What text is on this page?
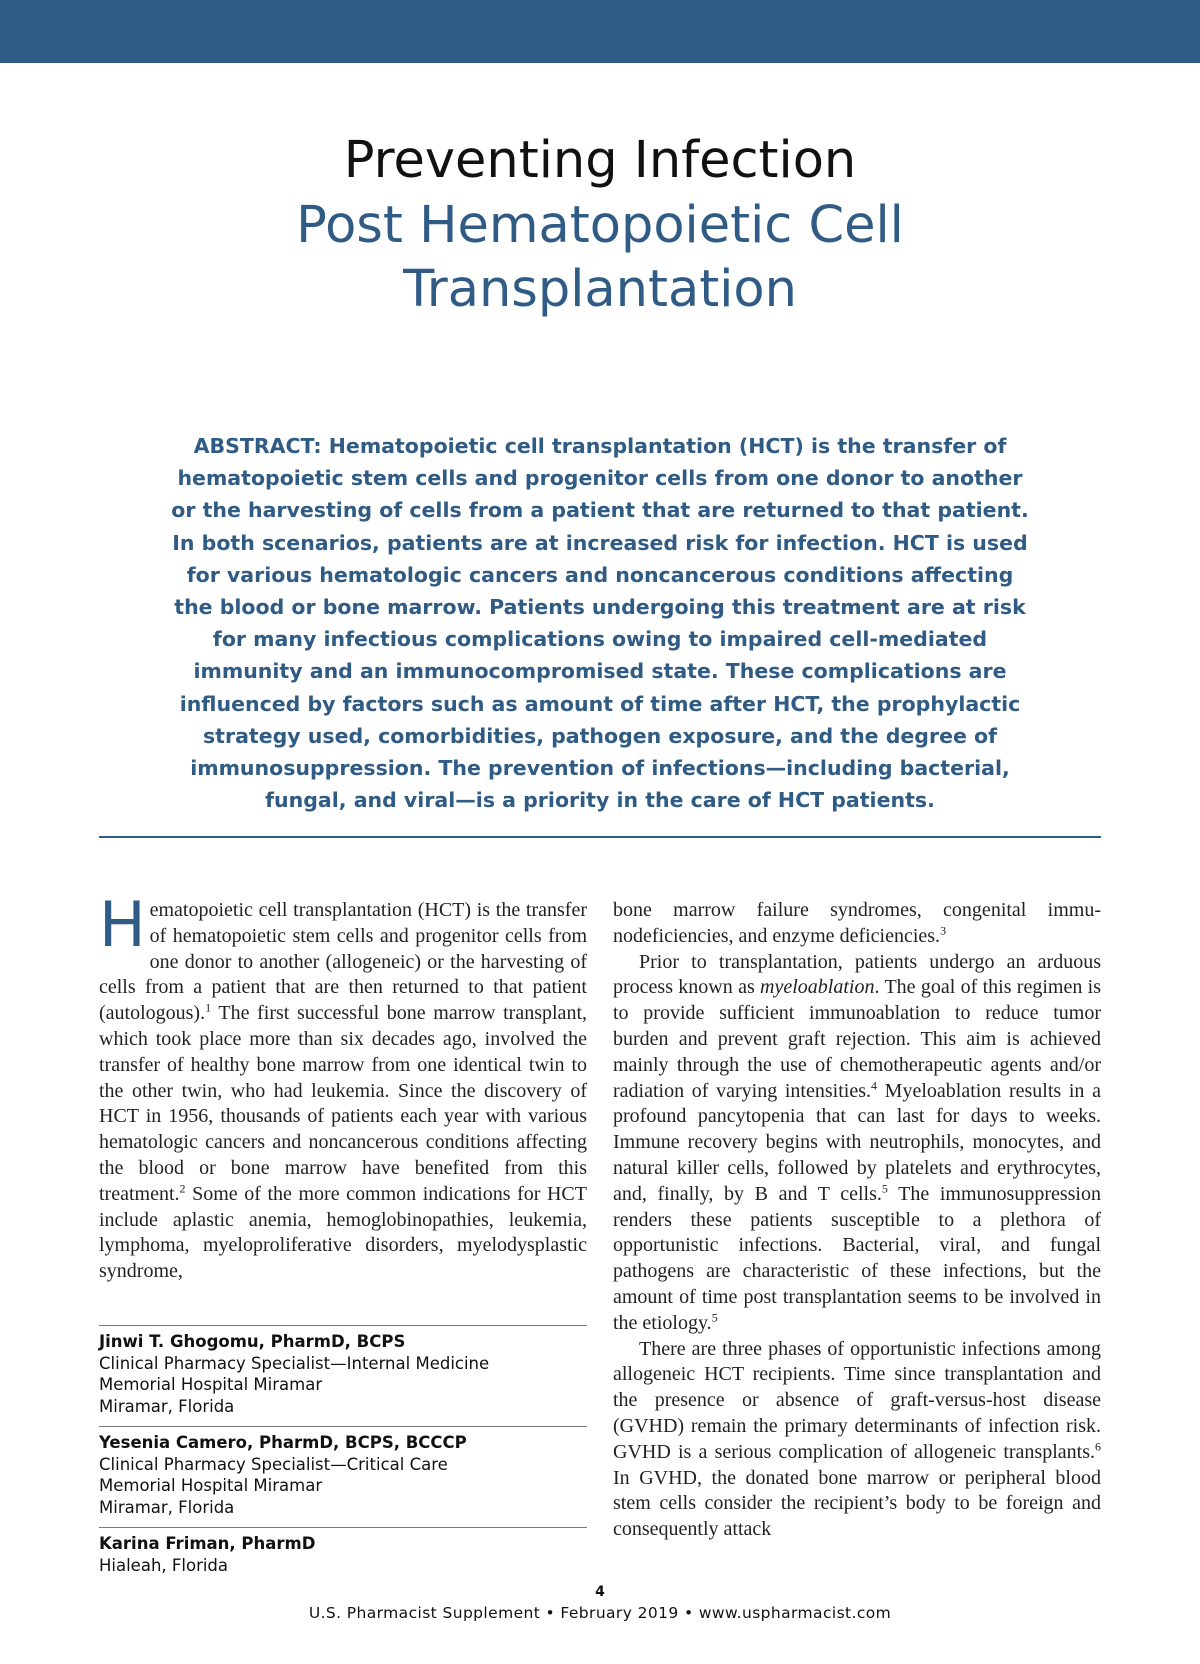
Preventing Infection
Post Hematopoietic Cell
Transplantation
ABSTRACT: Hematopoietic cell transplantation (HCT) is the transfer of hematopoietic stem cells and progenitor cells from one donor to another or the harvesting of cells from a patient that are returned to that patient. In both scenarios, patients are at increased risk for infection. HCT is used for various hematologic cancers and noncancerous conditions affecting the blood or bone marrow. Patients undergoing this treatment are at risk for many infectious complications owing to impaired cell-mediated immunity and an immunocompromised state. These complications are influenced by factors such as amount of time after HCT, the prophylactic strategy used, comorbidities, pathogen exposure, and the degree of immunosuppression. The prevention of infections—including bacterial, fungal, and viral—is a priority in the care of HCT patients.

Hematopoietic cell transplantation (HCT) is the transfer of hematopoietic stem cells and progenitor cells from one donor to another (allogeneic) or the harvesting of cells from a patient that are then returned to that patient (autologous).$^1$ The first successful bone marrow transplant, which took place more than six decades ago, involved the transfer of healthy bone marrow from one identical twin to the other twin, who had leukemia. Since the discovery of HCT in 1956, thousands of patients each year with various hematologic cancers and noncancerous conditions affecting the blood or bone marrow have benefited from this treatment.$^2$ Some of the more common indications for HCT include aplastic anemia, hemoglobinopathies, leukemia, lymphoma, myeloproliferative disorders, myelodysplastic syndrome,

Jinwi T. Ghogomu, PharmD, BCPS
Clinical Pharmacy Specialist—Internal Medicine
Memorial Hospital Miramar
Miramar, Florida
Yesenia Camero, PharmD, BCPS, BCCCP
Clinical Pharmacy Specialist—Critical Care
Memorial Hospital Miramar
Miramar, Florida
Karina Friman, PharmD
Hialeah, Florida

bone marrow failure syndromes, congenital immunodeficiencies, and enzyme deficiencies.$^3$

Prior to transplantation, patients undergo an arduous process known as myeloablation. The goal of this regimen is to provide sufficient immunoablation to reduce tumor burden and prevent graft rejection. This aim is achieved mainly through the use of chemotherapeutic agents and/or radiation of varying intensities.$^4$ Myeloablation results in a profound pancytopenia that can last for days to weeks. Immune recovery begins with neutrophils, monocytes, and natural killer cells, followed by platelets and erythrocytes, and, finally, by B and T cells.$^5$ The immunosuppression renders these patients susceptible to a plethora of opportunistic infections. Bacterial, viral, and fungal pathogens are characteristic of these infections, but the amount of time post transplantation seems to be involved in the etiology.$^5$

There are three phases of opportunistic infections among allogeneic HCT recipients. Time since transplantation and the presence or absence of graft-versus-host disease (GVHD) remain the primary determinants of infection risk. GVHD is a serious complication of allogeneic transplants.$^6$ In GVHD, the donated bone marrow or peripheral blood stem cells consider the recipient’s body to be foreign and consequently attack

4
U.S. Pharmacist Supplement • February 2019 • www.uspharmacist.com
